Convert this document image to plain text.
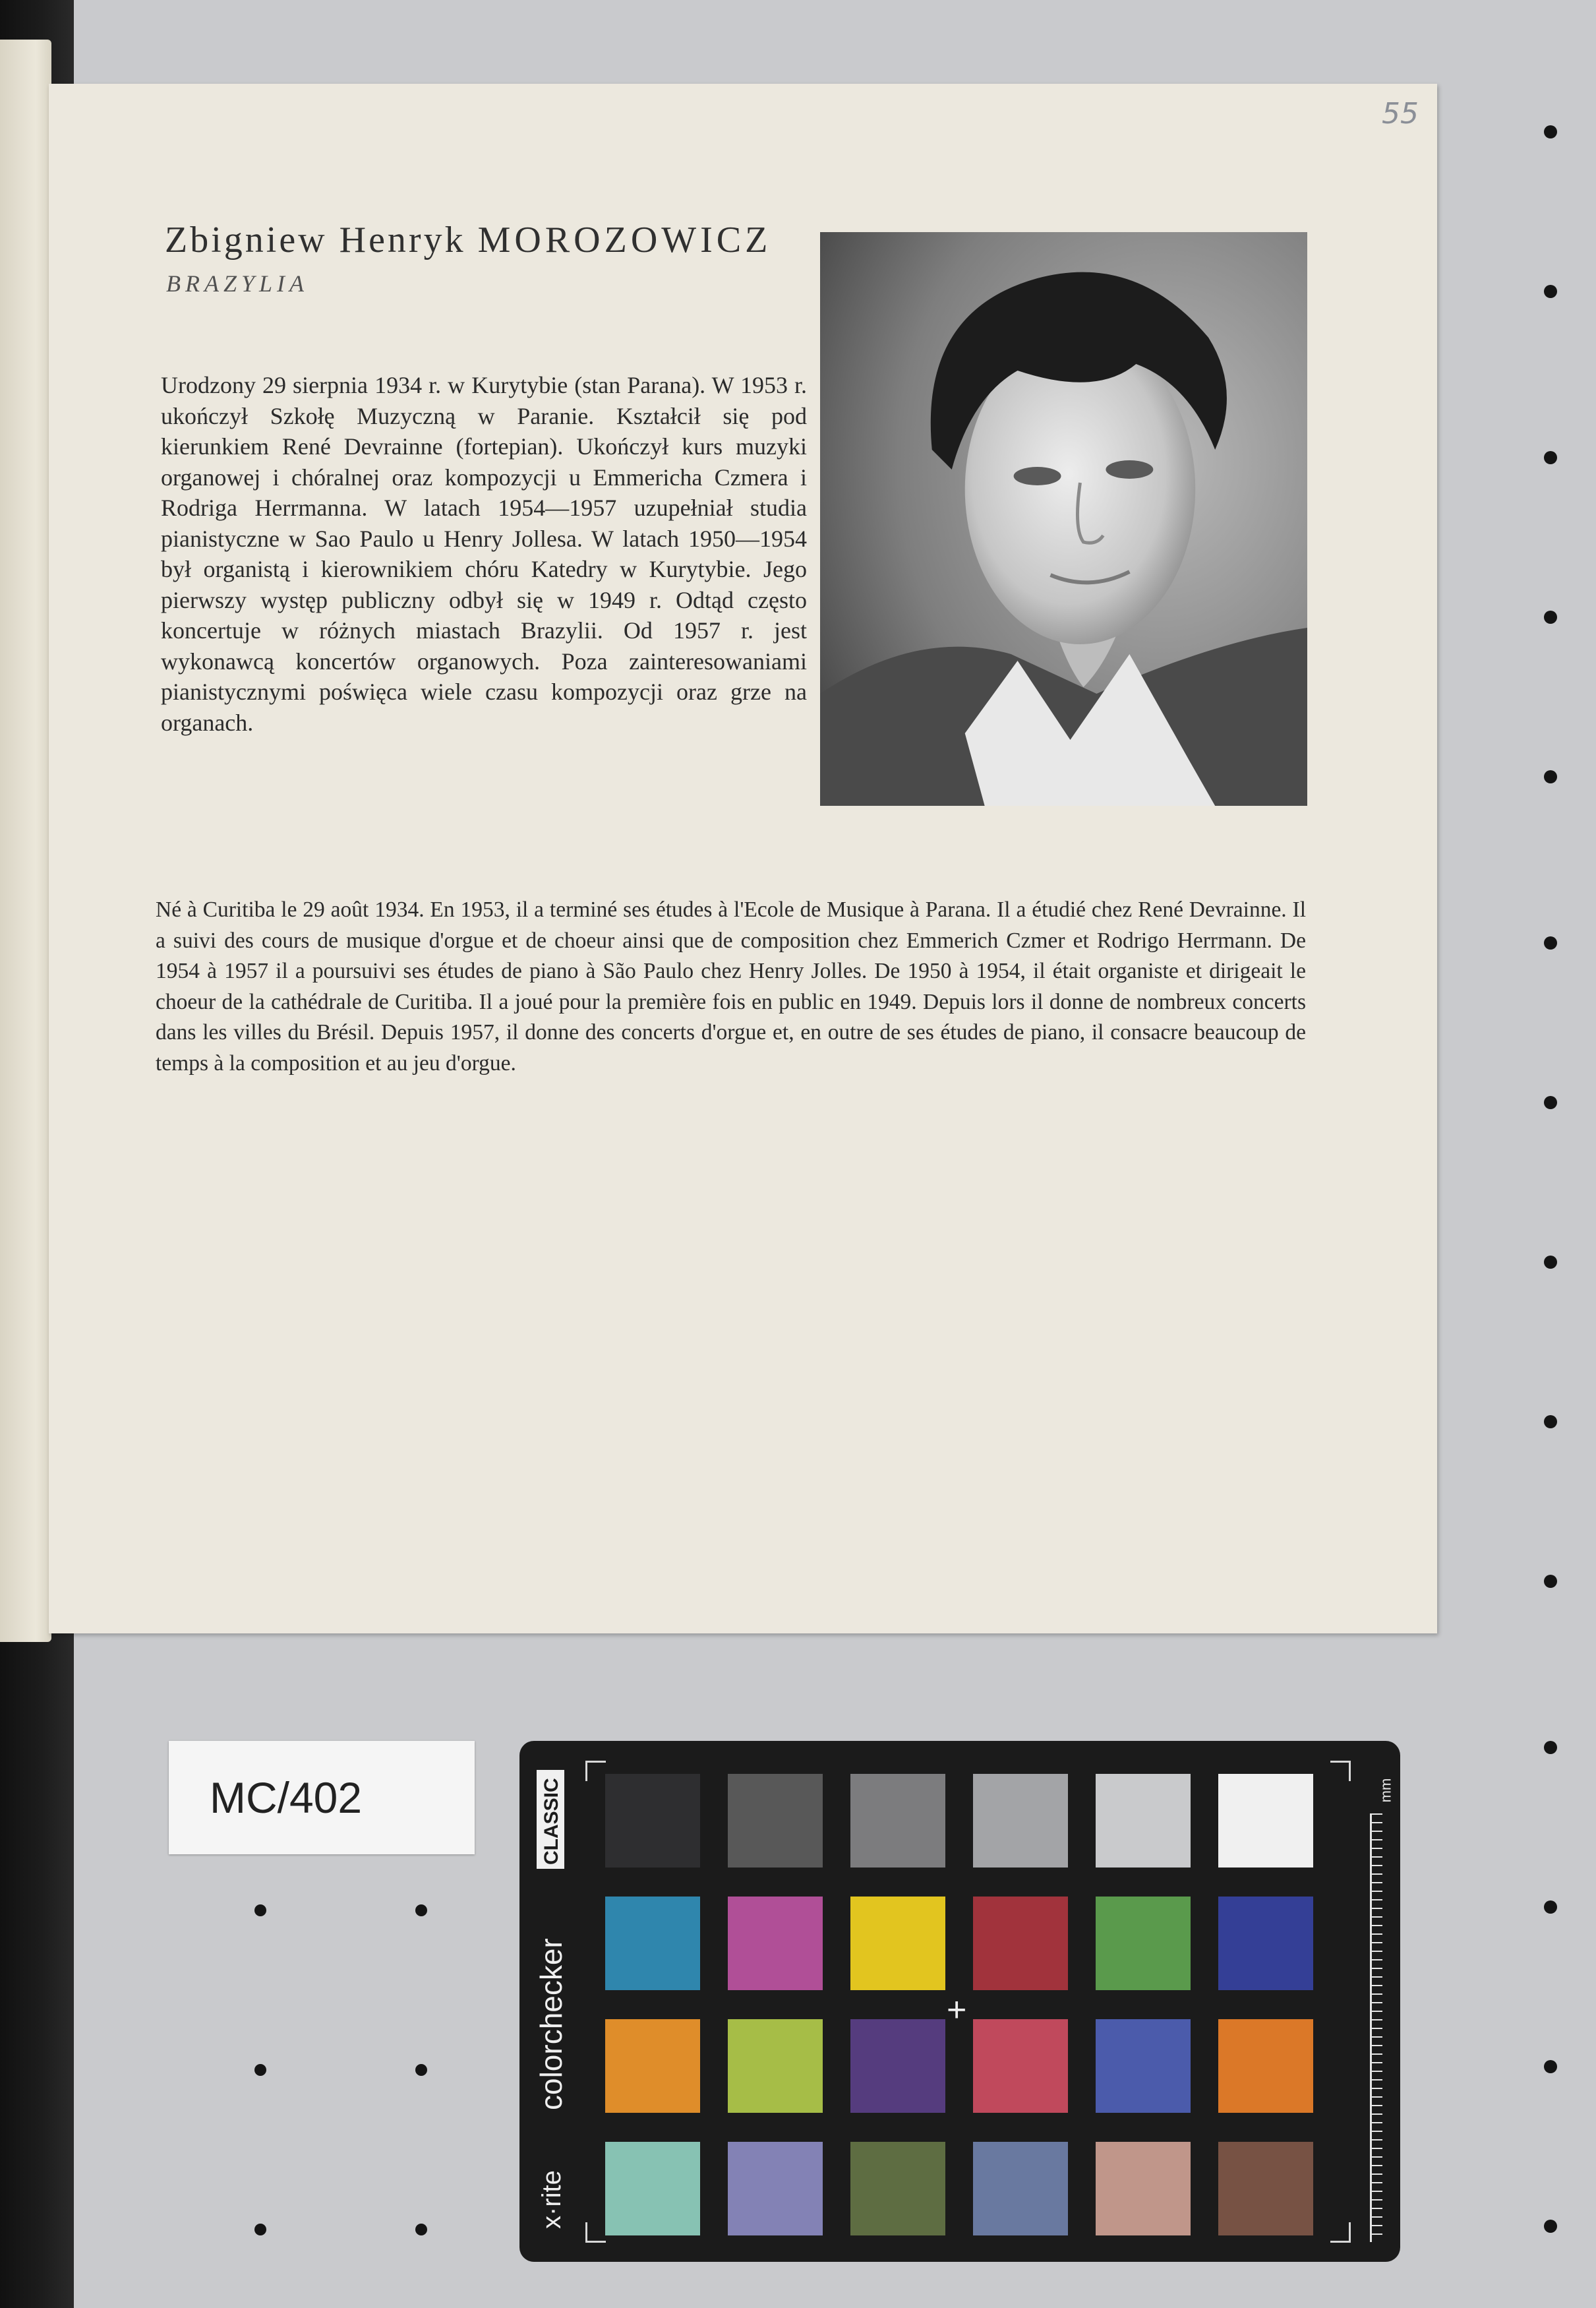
55
Zbigniew Henryk MOROZOWICZ
BRAZYLIA

Urodzony 29 sierpnia 1934 r. w Kurytybie (stan Parana). W 1953 r. ukończył Szkołę Muzyczną w Paranie. Kształcił się pod kierunkiem René Devrainne (fortepian). Ukończył kurs muzyki organowej i chóralnej oraz kompozycji u Emmericha Czmera i Rodriga Herrmanna. W latach 1954—1957 uzupełniał studia pianistyczne w Sao Paulo u Henry Jollesa. W latach 1950—1954 był organistą i kierownikiem chóru Katedry w Kurytybie. Jego pierwszy występ publiczny odbył się w 1949 r. Odtąd często koncertuje w różnych miastach Brazylii. Od 1957 r. jest wykonawcą koncertów organowych. Poza zainteresowaniami pianistycznymi poświęca wiele czasu kompozycji oraz grze na organach.

Né à Curitiba le 29 août 1934. En 1953, il a terminé ses études à l'Ecole de Musique à Parana. Il a étudié chez René Devrainne. Il a suivi des cours de musique d'orgue et de choeur ainsi que de composition chez Emmerich Czmer et Rodrigo Herrmann. De 1954 à 1957 il a poursuivi ses études de piano à São Paulo chez Henry Jolles. De 1950 à 1954, il était organiste et dirigeait le choeur de la cathédrale de Curitiba. Il a joué pour la première fois en public en 1949. Depuis lors il donne de nombreux concerts dans les villes du Brésil. Depuis 1957, il donne des concerts d'orgue et, en outre de ses études de piano, il consacre beaucoup de temps à la composition et au jeu d'orgue.

MC/402
x·rite
colorchecker
CLASSIC
+
mm
